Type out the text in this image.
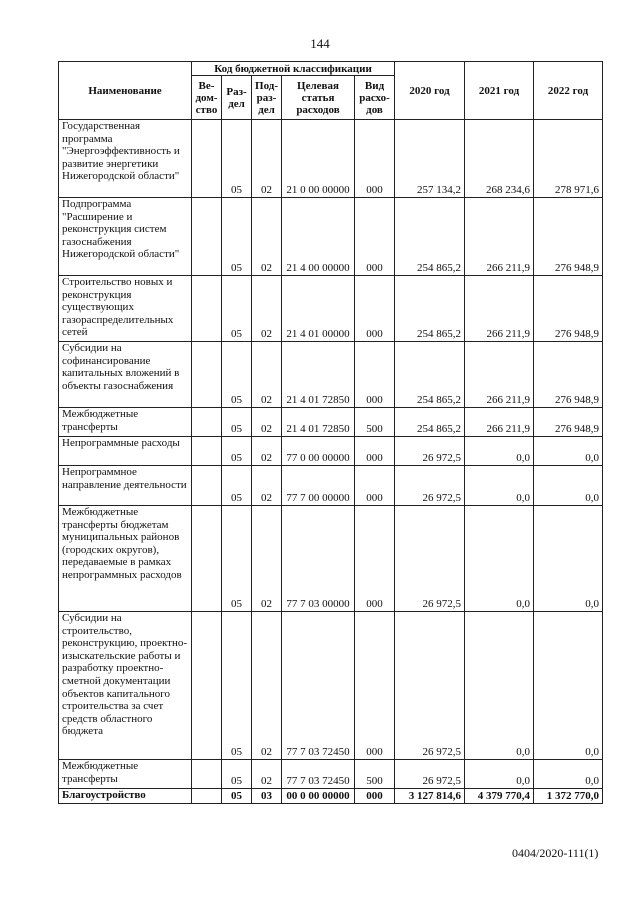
144
Наименование	Код бюджетной классификации					2020 год	2021 год	2022 год
	Ве-дом-ство	Раз-дел	Под-раз-дел	Целевая статья расходов	Вид расхо-дов			
Государственная программа "Энергоэффективность и развитие энергетики Нижегородской области"		05	02	21 0 00 00000	000	257 134,2	268 234,6	278 971,6
Подпрограмма "Расширение и реконструкция систем газоснабжения Нижегородской области"		05	02	21 4 00 00000	000	254 865,2	266 211,9	276 948,9
Строительство новых и реконструкция существующих газораспределительных сетей		05	02	21 4 01 00000	000	254 865,2	266 211,9	276 948,9
Субсидии на софинансирование капитальных вложений в объекты газоснабжения		05	02	21 4 01 72850	000	254 865,2	266 211,9	276 948,9
Межбюджетные трансферты		05	02	21 4 01 72850	500	254 865,2	266 211,9	276 948,9
Непрограммные расходы		05	02	77 0 00 00000	000	26 972,5	0,0	0,0
Непрограммное направление деятельности		05	02	77 7 00 00000	000	26 972,5	0,0	0,0
Межбюджетные трансферты бюджетам муниципальных районов (городских округов), передаваемые в рамках непрограммных расходов		05	02	77 7 03 00000	000	26 972,5	0,0	0,0
Субсидии на строительство, реконструкцию, проектно-изыскательские работы и разработку проектно-сметной документации объектов капитального строительства за счет средств областного бюджета		05	02	77 7 03 72450	000	26 972,5	0,0	0,0
Межбюджетные трансферты		05	02	77 7 03 72450	500	26 972,5	0,0	0,0
Благоустройство		05	03	00 0 00 00000	000	3 127 814,6	4 379 770,4	1 372 770,0
0404/2020-111(1)
